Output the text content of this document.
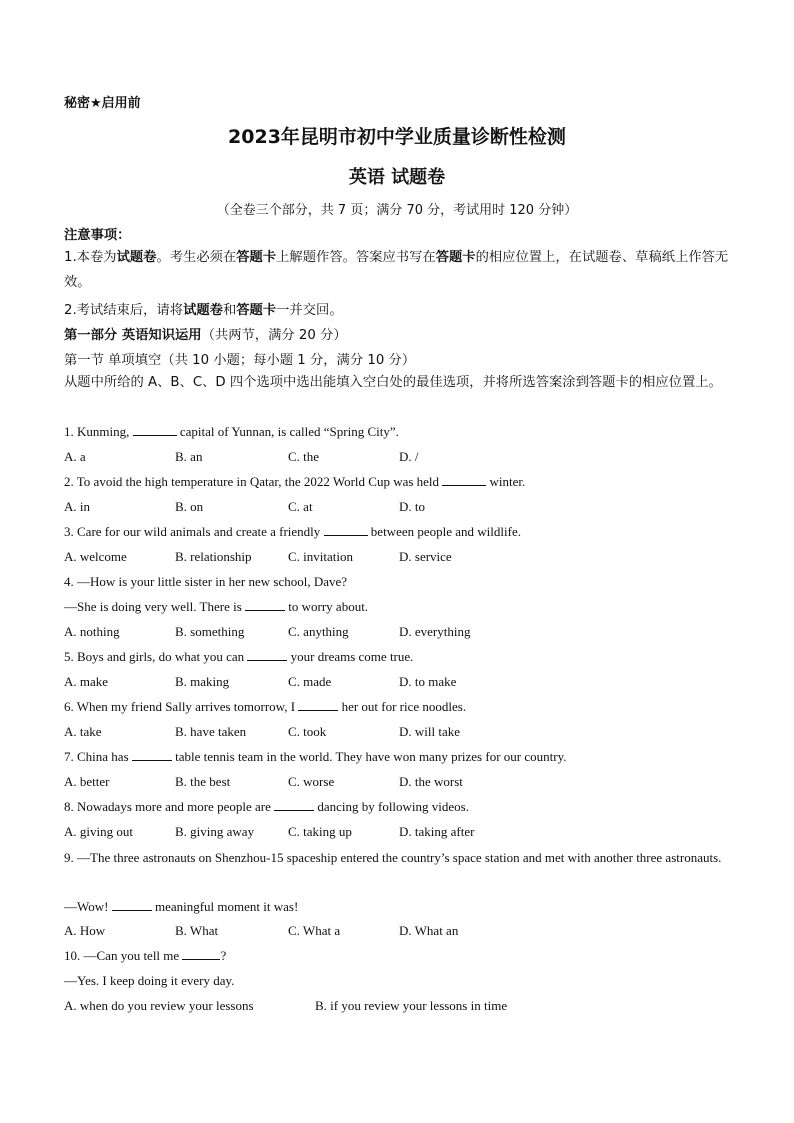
秘密★启用前
2023年昆明市初中学业质量诊断性检测
英语 试题卷
（全卷三个部分，共 7 页；满分 70 分，考试用时 120 分钟）
注意事项：
1.本卷为试题卷。考生必须在答题卡上解题作答。答案应书写在答题卡的相应位置上，在试题卷、草稿纸上作答无效。
2.考试结束后，请将试题卷和答题卡一并交回。
第一部分 英语知识运用（共两节，满分 20 分）
第一节 单项填空（共 10 小题；每小题 1 分，满分 10 分）
从题中所给的 A、B、C、D 四个选项中选出能填入空白处的最佳选项，并将所选答案涂到答题卡的相应位置上。
1. Kunming,	capital of Yunnan, is called “Spring City”.
A. a	B. an	C. the	D. /
2. To avoid the high temperature in Qatar, the 2022 World Cup was held	winter.
A. in	B. on	C. at	D. to
3. Care for our wild animals and create a friendly	between people and wildlife.
A. welcome	B. relationship	C. invitation	D. service
4. —How is your little sister in her new school, Dave?
—She is doing very well. There is	to worry about.
A. nothing	B. something	C. anything	D. everything
5. Boys and girls, do what you can	your dreams come true.
A. make	B. making	C. made	D. to make
6. When my friend Sally arrives tomorrow, I	her out for rice noodles.
A. take	B. have taken	C. took	D. will take
7. China has	table tennis team in the world. They have won many prizes for our country.
A. better	B. the best	C. worse	D. the worst
8. Nowadays more and more people are	dancing by following videos.
A. giving out	B. giving away	C. taking up	D. taking after
9. —The three astronauts on Shenzhou-15 spaceship entered the country’s space station and met with another three astronauts.
—Wow!	meaningful moment it was!
A. How	B. What	C. What a	D. What an
10. —Can you tell me	?
—Yes. I keep doing it every day.
A. when do you review your lessons	B. if you review your lessons in time
